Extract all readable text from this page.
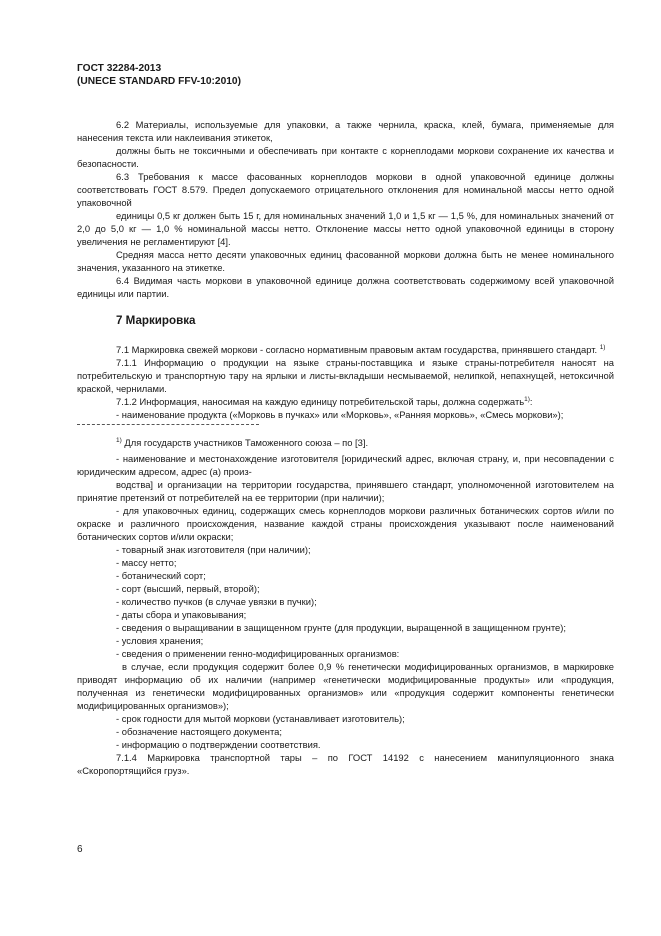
ГОСТ 32284-2013
(UNECE STANDARD FFV-10:2010)

6.2 Материалы, используемые для упаковки, а также чернила, краска, клей, бумага, применяемые для нанесения текста или наклеивания этикеток,

должны быть не токсичными и обеспечивать при контакте с корнеплодами моркови сохранение их качества и безопасности.

6.3 Требования к массе фасованных корнеплодов моркови в одной упаковочной единице должны соответствовать ГОСТ 8.579. Предел допускаемого отрицательного отклонения для номинальной массы нетто одной упаковочной

единицы 0,5 кг должен быть 15 г, для номинальных значений 1,0 и 1,5 кг — 1,5 %, для номинальных значений от 2,0 до 5,0 кг — 1,0 % номинальной массы нетто. Отклонение массы нетто одной упаковочной единицы в сторону увеличения не регламентируют [4].

Средняя масса нетто десяти упаковочных единиц фасованной моркови должна быть не менее номинального значения, указанного на этикетке.

6.4 Видимая часть моркови в упаковочной единице должна соответствовать содержимому всей упаковочной единицы или партии.

7 Маркировка

7.1 Маркировка свежей моркови - согласно нормативным правовым актам государства, принявшего стандарт. $^{1)}$

7.1.1 Информацию о продукции на языке страны-поставщика и языке страны-потребителя наносят на потребительскую и транспортную тару на ярлыки и листы-вкладыши несмываемой, нелипкой, непахнущей, нетоксичной краской, чернилами.

7.1.2 Информация, наносимая на каждую единицу потребительской тары, должна содержать$^{1)}$:

- наименование продукта («Морковь в пучках» или «Морковь», «Ранняя морковь», «Смесь моркови»);

$^{1)}$ Для государств участников Таможенного союза – по [3].

- наименование и местонахождение изготовителя [юридический адрес, включая страну, и, при несовпадении с юридическим адресом, адрес (а) произ-

водства] и организации на территории государства, принявшего стандарт, уполномоченной изготовителем на принятие претензий от потребителей на ее территории (при наличии);

- для упаковочных единиц, содержащих смесь корнеплодов моркови различных ботанических сортов и/или по окраске и различного происхождения, название каждой страны происхождения указывают после наименований ботанических сортов и/или окраски;

- товарный знак изготовителя (при наличии);

- массу нетто;

- ботанический сорт;

- сорт (высший, первый, второй);

- количество пучков (в случае увязки в пучки);

- даты сбора и упаковывания;

- сведения о выращивании в защищенном грунте (для продукции, выращенной в защищенном грунте);

- условия хранения;

- сведения о применении генно-модифицированных организмов:

в случае, если продукция содержит более 0,9 % генетически модифицированных организмов, в маркировке приводят информацию об их наличии (например «генетически модифицированные продукты» или «продукция, полученная из генетически модифицированных организмов» или «продукция содержит компоненты генетически модифицированных организмов»);

- срок годности для мытой моркови (устанавливает изготовитель);

- обозначение настоящего документа;

- информацию о подтверждении соответствия.

7.1.4 Маркировка транспортной тары – по ГОСТ 14192 с нанесением манипуляционного знака «Скоропортящийся груз».

6
